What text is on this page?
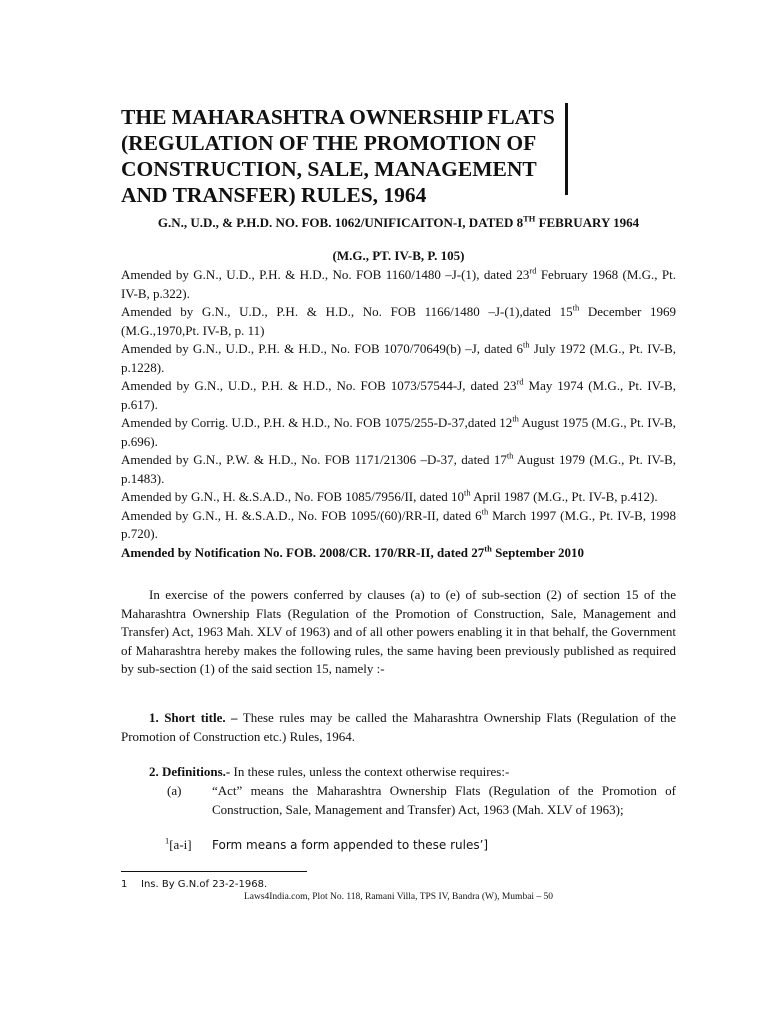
THE MAHARASHTRA OWNERSHIP FLATS (REGULATION OF THE PROMOTION OF CONSTRUCTION, SALE, MANAGEMENT AND TRANSFER) RULES, 1964
G.N., U.D., & P.H.D. NO. FOB. 1062/UNIFICAITON-I, DATED 8TH FEBRUARY 1964
(M.G., PT. IV-B, P. 105)

Amended by G.N., U.D., P.H. & H.D., No. FOB 1160/1480 –J-(1), dated 23rd February 1968 (M.G., Pt. IV-B, p.322).

Amended by G.N., U.D., P.H. & H.D., No. FOB 1166/1480 –J-(1),dated 15th December 1969 (M.G.,1970,Pt. IV-B, p. 11)

Amended by G.N., U.D., P.H. & H.D., No. FOB 1070/70649(b) –J, dated 6th July 1972 (M.G., Pt. IV-B, p.1228).

Amended by G.N., U.D., P.H. & H.D., No. FOB 1073/57544-J, dated 23rd May 1974 (M.G., Pt. IV-B, p.617).

Amended by Corrig. U.D., P.H. & H.D., No. FOB 1075/255-D-37,dated 12th August 1975 (M.G., Pt. IV-B, p.696).

Amended by G.N., P.W. & H.D., No. FOB 1171/21306 –D-37, dated 17th August 1979 (M.G., Pt. IV-B, p.1483).

Amended by G.N., H. &.S.A.D., No. FOB 1085/7956/II, dated 10th April 1987 (M.G., Pt. IV-B, p.412).

Amended by G.N., H. &.S.A.D., No. FOB 1095/(60)/RR-II, dated 6th March 1997 (M.G., Pt. IV-B, 1998 p.720).

Amended by Notification No. FOB. 2008/CR. 170/RR-II, dated 27th September 2010

In exercise of the powers conferred by clauses (a) to (e) of sub-section (2) of section 15 of the Maharashtra Ownership Flats (Regulation of the Promotion of Construction, Sale, Management and Transfer) Act, 1963 Mah. XLV of 1963) and of all other powers enabling it in that behalf, the Government of Maharashtra hereby makes the following rules, the same having been previously published as required by sub-section (1) of the said section 15, namely :-

1. Short title. – These rules may be called the Maharashtra Ownership Flats (Regulation of the Promotion of Construction etc.) Rules, 1964.

2. Definitions.- In these rules, unless the context otherwise requires:-

(a) “Act” means the Maharashtra Ownership Flats (Regulation of the Promotion of Construction, Sale, Management and Transfer) Act, 1963 (Mah. XLV of 1963);
$^1$[a-i] Form means a form appended to these rules’]
1 Ins. By G.N.of 23-2-1968.
Laws4India.com, Plot No. 118, Ramani Villa, TPS IV, Bandra (W), Mumbai – 50
